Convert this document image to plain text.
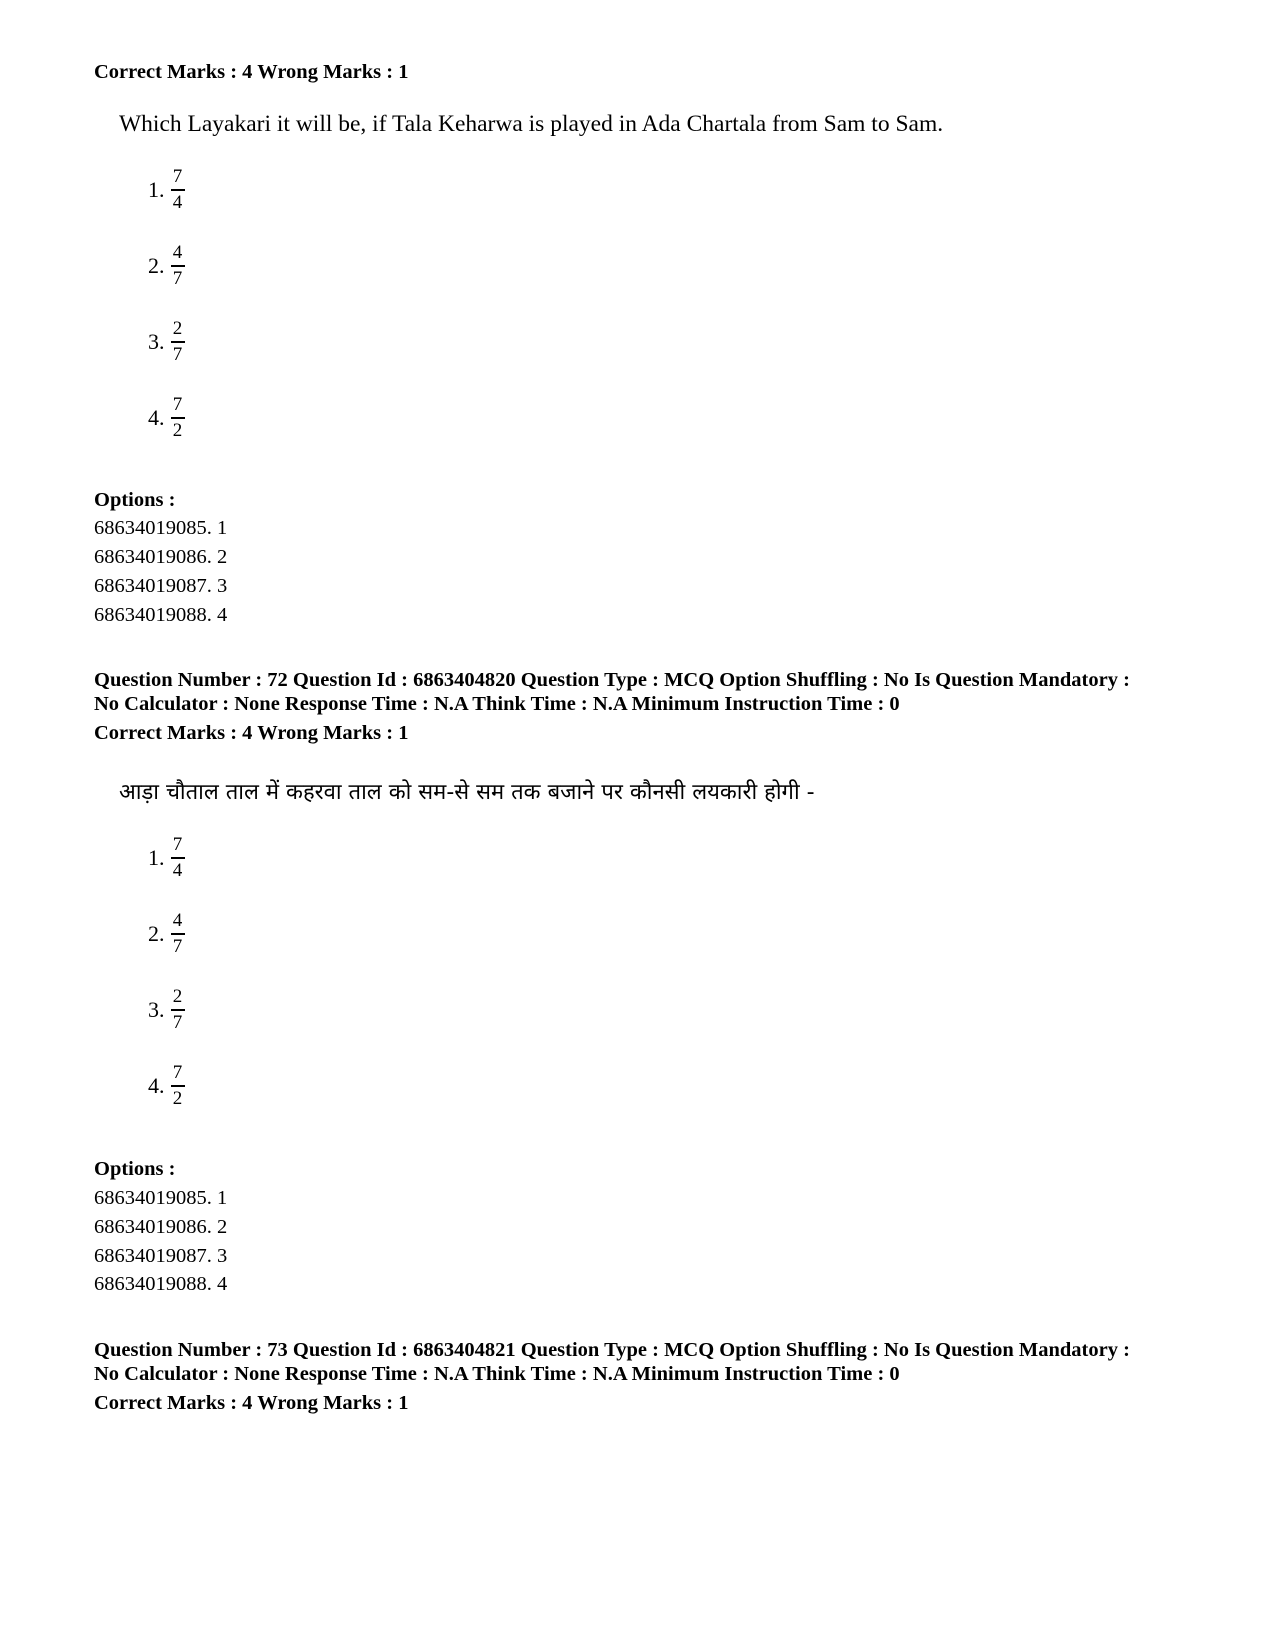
Correct Marks : 4 Wrong Marks : 1
Which Layakari it will be, if Tala Keharwa is played in Ada Chartala from Sam to Sam.
1. $\frac{7}{4}$
2. $\frac{4}{7}$
3. $\frac{2}{7}$
4. $\frac{7}{2}$
Options :
68634019085. 1
68634019086. 2
68634019087. 3
68634019088. 4
Question Number : 72 Question Id : 6863404820 Question Type : MCQ Option Shuffling : No Is Question Mandatory :
No Calculator : None Response Time : N.A Think Time : N.A Minimum Instruction Time : 0
Correct Marks : 4 Wrong Marks : 1
आड़ा चौताल ताल में कहरवा ताल को सम-से सम तक बजाने पर कौनसी लयकारी होगी -
1. $\frac{7}{4}$
2. $\frac{4}{7}$
3. $\frac{2}{7}$
4. $\frac{7}{2}$
Options :
68634019085. 1
68634019086. 2
68634019087. 3
68634019088. 4
Question Number : 73 Question Id : 6863404821 Question Type : MCQ Option Shuffling : No Is Question Mandatory :
No Calculator : None Response Time : N.A Think Time : N.A Minimum Instruction Time : 0
Correct Marks : 4 Wrong Marks : 1
